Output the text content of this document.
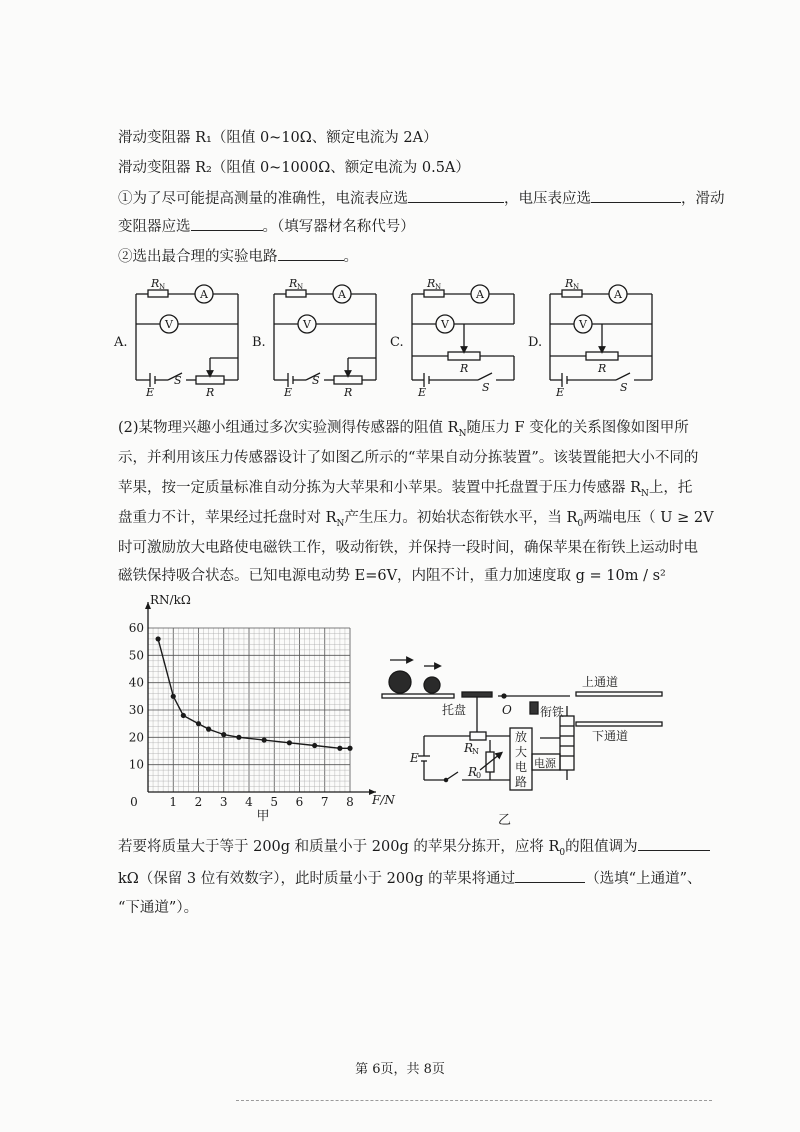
滑动变阻器 R₁（阻值 0~10Ω、额定电流为 2A）
滑动变阻器 R₂（阻值 0~1000Ω、额定电流为 0.5A）
①为了尽可能提高测量的准确性，电流表应选	，电压表应选	，滑动
变阻器应选	。（填写器材名称代号）
②选出最合理的实验电路	。
A.
R N
A
V
E
S
R
B.
R N
A
V
E
S
R
C.
R N
A
V
E	S
R
D.
R N
A
V
E	S
R
(2)某物理兴趣小组通过多次实验测得传感器的阻值 $R_N$随压力 F 变化的关系图像如图甲所
示，并利用该压力传感器设计了如图乙所示的“苹果自动分拣装置”。该装置能把大小不同的
苹果，按一定质量标准自动分拣为大苹果和小苹果。装置中托盘置于压力传感器 $R_N$上，托
盘重力不计，苹果经过托盘时对 $R_N$产生压力。初始状态衔铁水平，当 $R_0$两端电压（ U ≥ 2V
时可激励放大电路使电磁铁工作，吸动衔铁，并保持一段时间，确保苹果在衔铁上运动时电
磁铁保持吸合状态。已知电源电动势 E=6V，内阻不计，重力加速度取 g = 10m / s²
0	1 2 3 4 5 6 7 8
10
20
30
40
50
60
F/N
RN/kΩ
甲
上通道
下通道
托盘	O 衔铁
E
R
N
R
0
电源
乙
放大电路
若要将质量大于等于 200g 和质量小于 200g 的苹果分拣开，应将 $R_0$的阻值调为
kΩ（保留 3 位有效数字），此时质量小于 200g 的苹果将通过	（选填“上通道”、
“下通道”）。
第 6页，共 8页
